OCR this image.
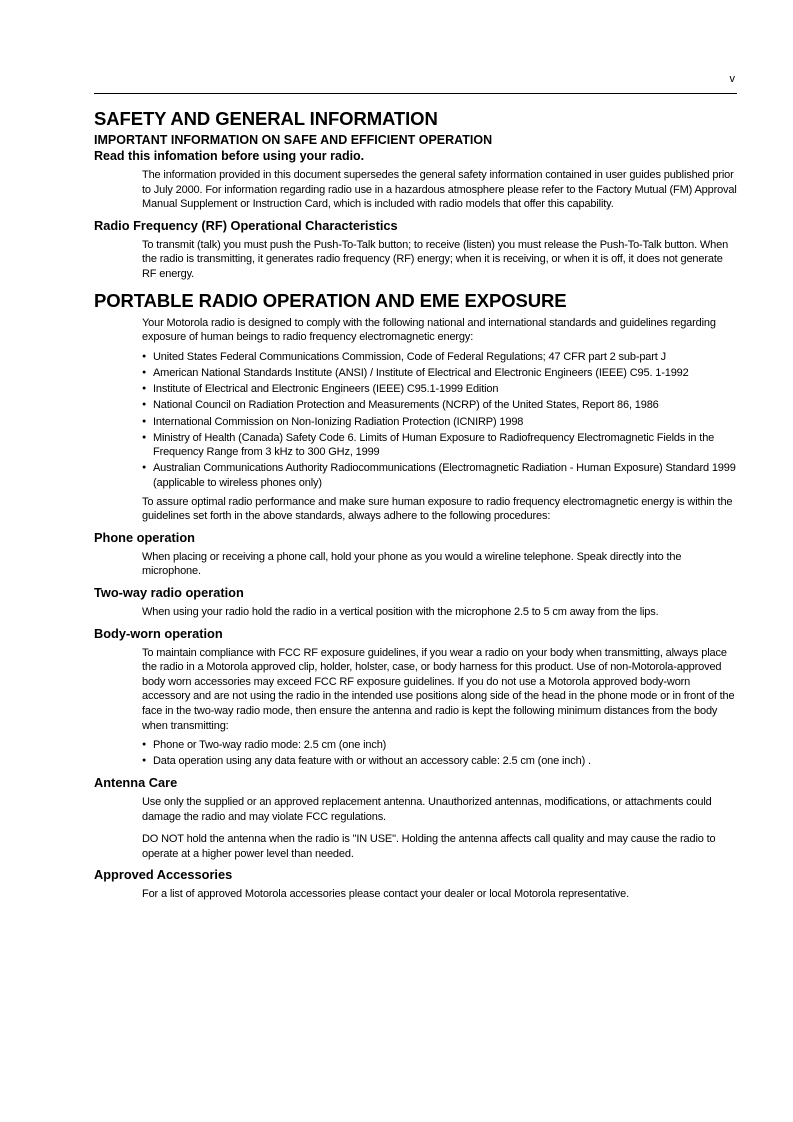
v
SAFETY AND GENERAL INFORMATION
IMPORTANT INFORMATION ON SAFE AND EFFICIENT OPERATION
Read this infomation before using your radio.

The information provided in this document supersedes the general safety information contained in user guides published prior to July 2000. For information regarding radio use in a hazardous atmosphere please refer to the Factory Mutual (FM) Approval Manual Supplement or Instruction Card, which is included with radio models that offer this capability.

Radio Frequency (RF) Operational Characteristics

To transmit (talk) you must push the Push-To-Talk button; to receive (listen) you must release the Push-To-Talk button. When the radio is transmitting, it generates radio frequency (RF) energy; when it is receiving, or when it is off, it does not generate RF energy.

PORTABLE RADIO OPERATION AND EME EXPOSURE

Your Motorola radio is designed to comply with the following national and international standards and guidelines regarding exposure of human beings to radio frequency electromagnetic energy:

● United States Federal Communications Commission, Code of Federal Regulations; 47 CFR part 2 sub-part J
● American National Standards Institute (ANSI) / Institute of Electrical and Electronic Engineers (IEEE) C95. 1-1992
● Institute of Electrical and Electronic Engineers (IEEE) C95.1-1999 Edition
● National Council on Radiation Protection and Measurements (NCRP) of the United States, Report 86, 1986
● International Commission on Non-Ionizing Radiation Protection (ICNIRP) 1998
● Ministry of Health (Canada) Safety Code 6. Limits of Human Exposure to Radiofrequency Electromagnetic Fields in the Frequency Range from 3 kHz to 300 GHz, 1999
● Australian Communications Authority Radiocommunications (Electromagnetic Radiation - Human Exposure) Standard 1999 (applicable to wireless phones only)

To assure optimal radio performance and make sure human exposure to radio frequency electromagnetic energy is within the guidelines set forth in the above standards, always adhere to the following procedures:

Phone operation

When placing or receiving a phone call, hold your phone as you would a wireline telephone. Speak directly into the microphone.

Two-way radio operation

When using your radio hold the radio in a vertical position with the microphone 2.5 to 5 cm away from the lips.

Body-worn operation

To maintain compliance with FCC RF exposure guidelines, if you wear a radio on your body when transmitting, always place the radio in a Motorola approved clip, holder, holster, case, or body harness for this product. Use of non-Motorola-approved body worn accessories may exceed FCC RF exposure guidelines. If you do not use a Motorola approved body-worn accessory and are not using the radio in the intended use positions along side of the head in the phone mode or in front of the face in the two-way radio mode, then ensure the antenna and radio is kept the following minimum distances from the body when transmitting:

● Phone or Two-way radio mode: 2.5 cm (one inch)
● Data operation using any data feature with or without an accessory cable: 2.5 cm (one inch) .
Antenna Care

Use only the supplied or an approved replacement antenna. Unauthorized antennas, modifications, or attachments could damage the radio and may violate FCC regulations.

DO NOT hold the antenna when the radio is "IN USE". Holding the antenna affects call quality and may cause the radio to operate at a higher power level than needed.

Approved Accessories

For a list of approved Motorola accessories please contact your dealer or local Motorola representative.
